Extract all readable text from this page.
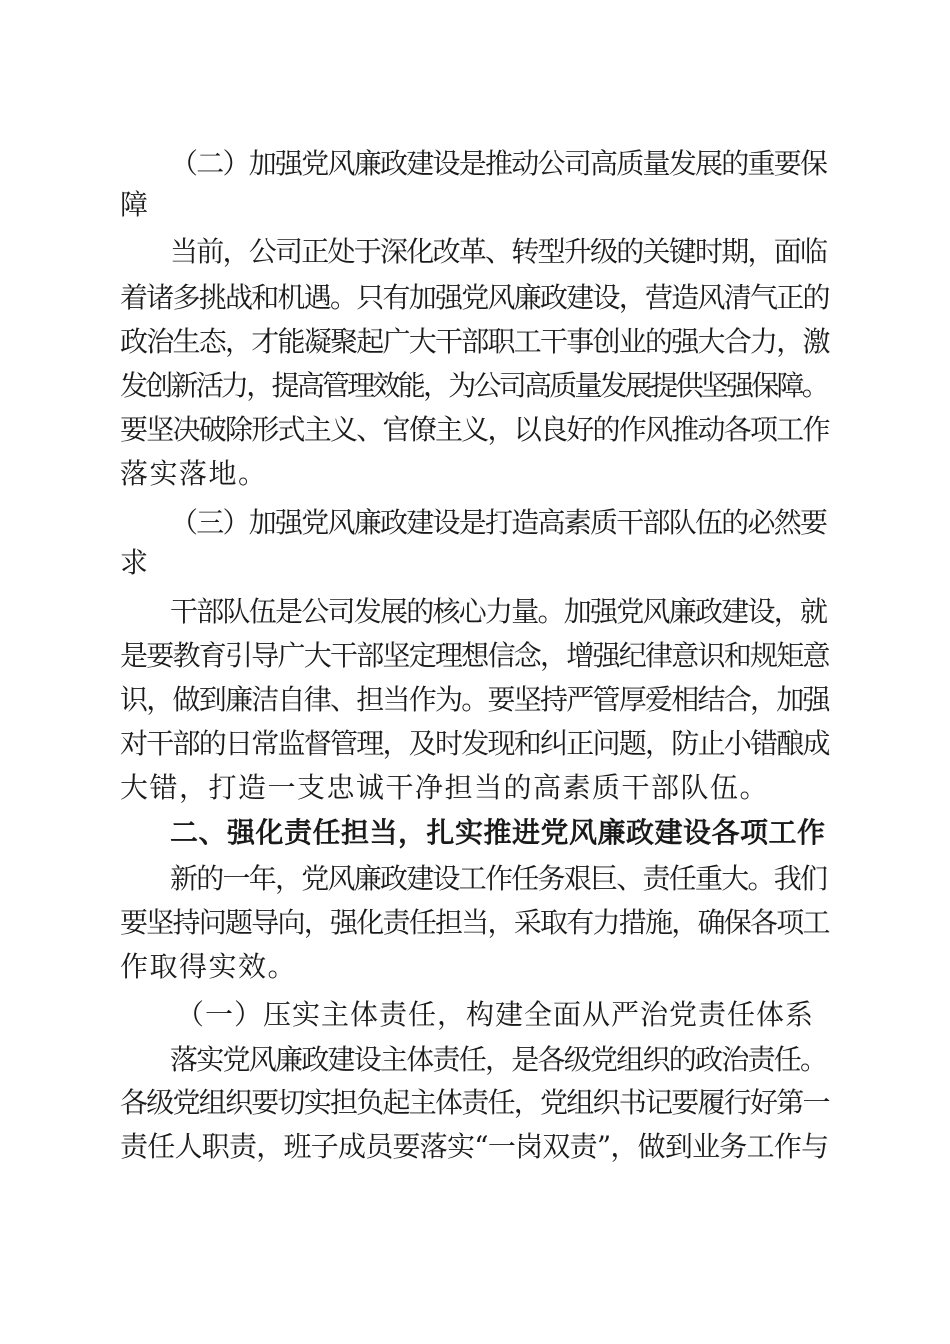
（二）加强党风廉政建设是推动公司高质量发展的重要保
障
当前，公司正处于深化改革、转型升级的关键时期，面临
着诸多挑战和机遇。只有加强党风廉政建设，营造风清气正的
政治生态，才能凝聚起广大干部职工干事创业的强大合力，激
发创新活力，提高管理效能，为公司高质量发展提供坚强保障。
要坚决破除形式主义、官僚主义，以良好的作风推动各项工作
落实落地。
（三）加强党风廉政建设是打造高素质干部队伍的必然要
求
干部队伍是公司发展的核心力量。加强党风廉政建设，就
是要教育引导广大干部坚定理想信念，增强纪律意识和规矩意
识，做到廉洁自律、担当作为。要坚持严管厚爱相结合，加强
对干部的日常监督管理，及时发现和纠正问题，防止小错酿成
大错，打造一支忠诚干净担当的高素质干部队伍。
二、强化责任担当，扎实推进党风廉政建设各项工作
新的一年，党风廉政建设工作任务艰巨、责任重大。我们
要坚持问题导向，强化责任担当，采取有力措施，确保各项工
作取得实效。
（一）压实主体责任，构建全面从严治党责任体系
落实党风廉政建设主体责任，是各级党组织的政治责任。
各级党组织要切实担负起主体责任，党组织书记要履行好第一
责任人职责，班子成员要落实“一岗双责”，做到业务工作与
